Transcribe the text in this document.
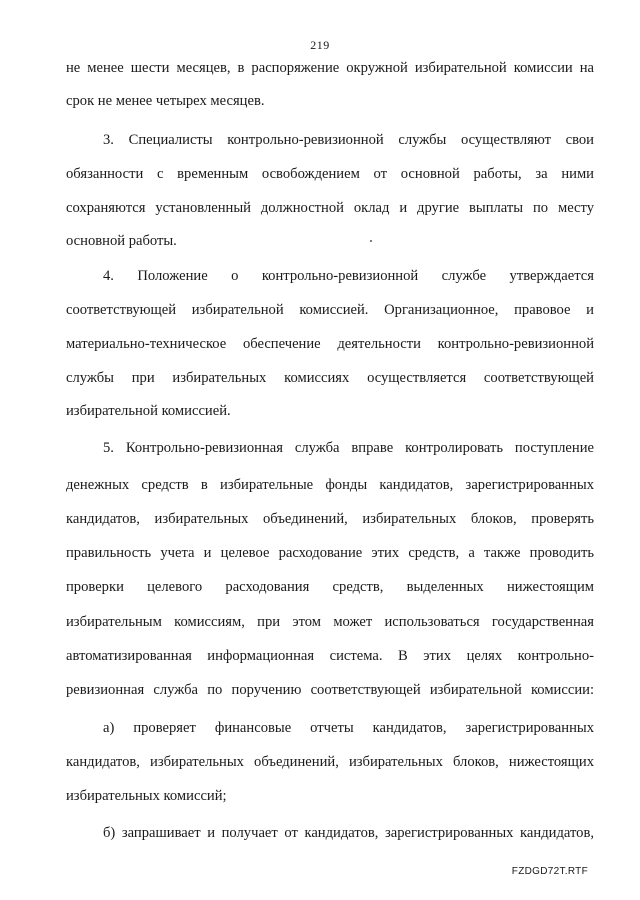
219
не менее шести месяцев, в распоряжение окружной избирательной комиссии на
срок не менее четырех месяцев.
3. Специалисты контрольно-ревизионной службы осуществляют свои
обязанности с временным освобождением от основной работы, за ними
сохраняются установленный должностной оклад и другие выплаты по месту
основной работы.
4. Положение о контрольно-ревизионной службе утверждается
соответствующей избирательной комиссией. Организационное, правовое и
материально-техническое обеспечение деятельности контрольно-ревизионной
службы при избирательных комиссиях осуществляется соответствующей
избирательной комиссией.
5. Контрольно-ревизионная служба вправе контролировать поступление
денежных средств в избирательные фонды кандидатов, зарегистрированных
кандидатов, избирательных объединений, избирательных блоков, проверять
правильность учета и целевое расходование этих средств, а также проводить
проверки целевого расходования средств, выделенных нижестоящим
избирательным комиссиям, при этом может использоваться государственная
автоматизированная информационная система. В этих целях контрольно-
ревизионная служба по поручению соответствующей избирательной комиссии:
а) проверяет финансовые отчеты кандидатов, зарегистрированных
кандидатов, избирательных объединений, избирательных блоков, нижестоящих
избирательных комиссий;
б) запрашивает и получает от кандидатов, зарегистрированных кандидатов,
FZDGD72T.RTF
